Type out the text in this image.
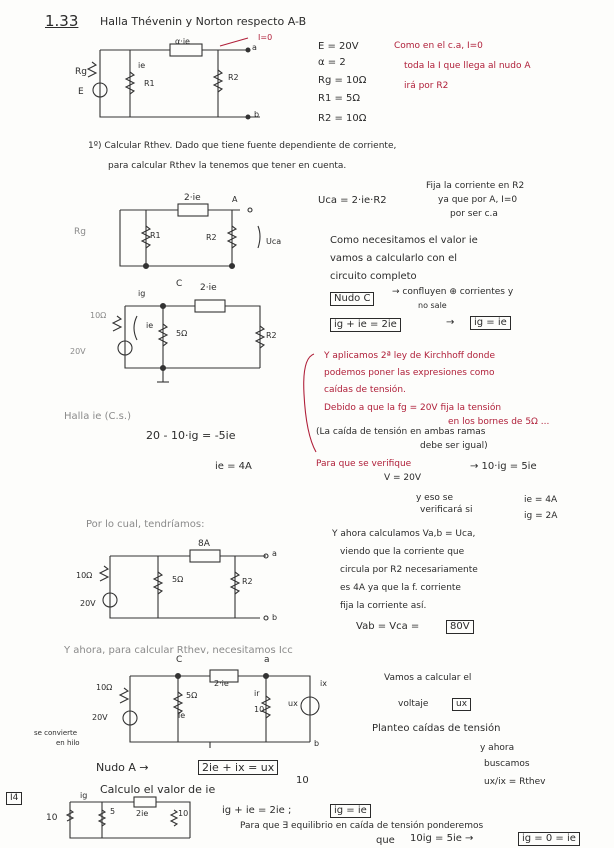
1.33 Halla Thévenin y Norton respecto A-B
α·ie	I=0
ie
Rg
E
R1
R2
a
b
E = 20V
α = 2
Rg = 10Ω
R1 = 5Ω
R2 = 10Ω
Como en el c.a, I=0
toda la I que llega al nudo A
irá por R2
1º) Calcular Rthev. Dado que tiene fuente dependiente de corriente,
para calcular Rthev la tenemos que tener en cuenta.
2·ie
Rg	R1	R2
A
Uca
Uca = 2·ie·R2
Fija la corriente en R2
ya que por A, I=0
por ser c.a
Como necesitamos el valor ie
vamos a calcularlo con el
circuito completo
ig
C 2·ie
ie
5Ω
10Ω
20V
R2
Nudo C
→ confluyen ⊕ corrientes y
no sale
ig + ie = 2ie	→	ig = ie
Y aplicamos 2ª ley de Kirchhoff donde
podemos poner las expresiones como
caídas de tensión.
Debido a que la fg = 20V fija la tensión
en los bornes de 5Ω ...
(La caída de tensión en ambas ramas
debe ser igual)
Halla ie (C.s.)
20 - 10·ig = -5ie
ie = 4A	Para que se verifique
V = 20V
→ 10·ig = 5ie
y eso se
verificará si
ie = 4A
ig = 2A
Por lo cual, tendríamos:
8A
10Ω	5Ω
20V
R2
a
b
Y ahora calculamos Va,b = Uca,
viendo que la corriente que
circula por R2 necesariamente
es 4A ya que la f. corriente
fija la corriente así.
Vab = Vca =	80V
Y ahora, para calcular Rthev, necesitamos Icc
C	a
10Ω
5Ω
2·ie
ie
ir
10
ux
ix
20V
b
se convierte
en hilo
Vamos a calcular el
voltaje	ux
Planteo caídas de tensión
y ahora
buscamos
ux/ix = Rthev
Nudo A →	2ie + ix = ux
10
I4
Calculo el valor de ie
ig
10
5	2ie	10	ig + ie = 2ie ;	ig = ie
Para que ∃ equilibrio en caída de tensión ponderemos
que 10ig = 5ie →	ig = 0 = ie
